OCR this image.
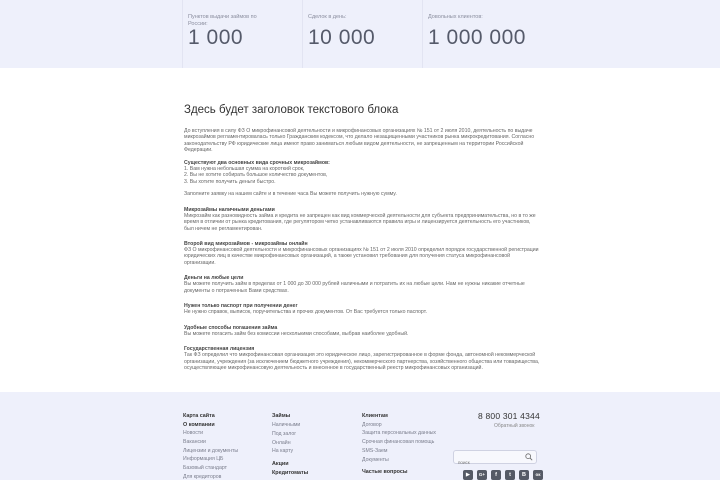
Пунктов выдачи займов по России:
1 000
Сделок в день:
10 000
Довольных клиентов:
1 000 000
Здесь будет заголовок текстового блока

До вступления в силу ФЗ О микрофинансовой деятельности и микрофинансовых организациях № 151 от 2 июля 2010, деятельность по выдаче микрозаймов регламентировалась только Гражданским кодексом, что делало незащищенными участников рынка микрокредитования. Согласно законодательству РФ юридические лица имеют право заниматься любым видом деятельности, не запрещенным на территории Российской Федерации.

Существуют два основных вида срочных микрозаймов:

1. Вам нужна небольшая сумма на короткий срок,

2. Вы не хотите собирать большое количество документов,

3. Вы хотите получить деньги быстро.

Заполните заявку на нашем сайте и в течение часа Вы можете получить нужную сумму.

Микрозаймы наличными деньгами

Микрозайм как разновидность займа и кредита не запрещен как вид коммерческой деятельности для субъекта предпринимательства, но в то же время в отличии от рынка кредитования, где регулятором четко устанавливаются правила игры и лицензируется деятельность его участников, был ничем не регламентирован.

Второй вид микрозаймов - микрозаймы онлайн

ФЗ О микрофинансовой деятельности и микрофинансовых организациях № 151 от 2 июля 2010 определил порядок государственной регистрации юридических лиц в качестве микрофинансовых организаций, а также установил требования для получения статуса микрофинансовой организации.

Деньги на любые цели

Вы можете получить займ в пределах от 1 000 до 30 000 рублей наличными и потратить их на любые цели. Нам не нужны никакие отчетные документы о потраченных Вами средствах.

Нужен только паспорт при получении денег

Не нужно справок, выписок, поручительства и прочих документов. От Вас требуется только паспорт.

Удобные способы погашения займа

Вы можете погасить займ без комиссии несколькими способами, выбрав наиболее удобный.

Государственная лицензия

Так ФЗ определил что микрофинансовая организация это юридическое лицо, зарегистрированное в форме фонда, автономной некоммерческой организации, учреждения (за исключением бюджетного учреждения), некоммерческого партнерства, хозяйственного общества или товарищества, осуществляющее микрофинансовую деятельность и внесенное в государственный реестр микрофинансовых организаций.

Карта сайта
О компании
Новости
Вакансии
Лицензии и документы
Информация ЦБ
Базовый стандарт
Для кредиторов
Займы
Наличными
Под залог
Онлайн
На карту
Акции
Кредитоматы
Клиентам
Договор
Защита персональных данных
Срочная финансовая помощь
SMS-Заем
Документы
Частые вопросы
8 800 301 4344
Обратный звонок
поиск
▶	G+	f	t	B	ок
